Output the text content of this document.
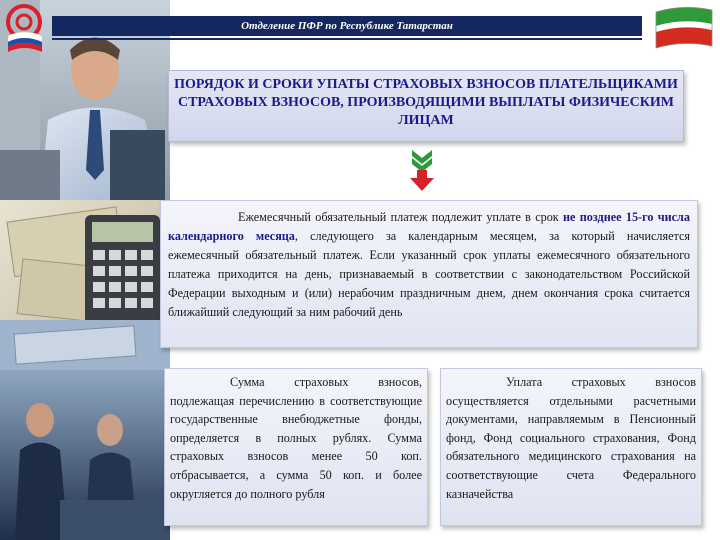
Отделение ПФР по Республике Татарстан
ПОРЯДОК И СРОКИ УПАТЫ СТРАХОВЫХ ВЗНОСОВ ПЛАТЕЛЬЩИКАМИ СТРАХОВЫХ ВЗНОСОВ, ПРОИЗВОДЯЩИМИ ВЫПЛАТЫ ФИЗИЧЕСКИМ ЛИЦАМ
Ежемесячный обязательный платеж подлежит уплате в срок не позднее 15-го числа календарного месяца, следующего за календарным месяцем, за который начисляется ежемесячный обязательный платеж. Если указанный срок уплаты ежемесячного обязательного платежа приходится на день, признаваемый в соответствии с законодательством Российской Федерации выходным и (или) нерабочим праздничным днем, днем окончания срока считается ближайший следующий за ним рабочий день
Сумма страховых взносов, подлежащая перечислению в соответствующие государственные внебюджетные фонды, определяется в полных рублях. Сумма страховых взносов менее 50 коп. отбрасывается, а сумма 50 коп. и более округляется до полного рубля
Уплата страховых взносов осуществляется отдельными расчетными документами, направляемым в Пенсионный фонд, Фонд социального страхования, Фонд обязательного медицинского страхования на соответствующие счета Федерального казначейства
